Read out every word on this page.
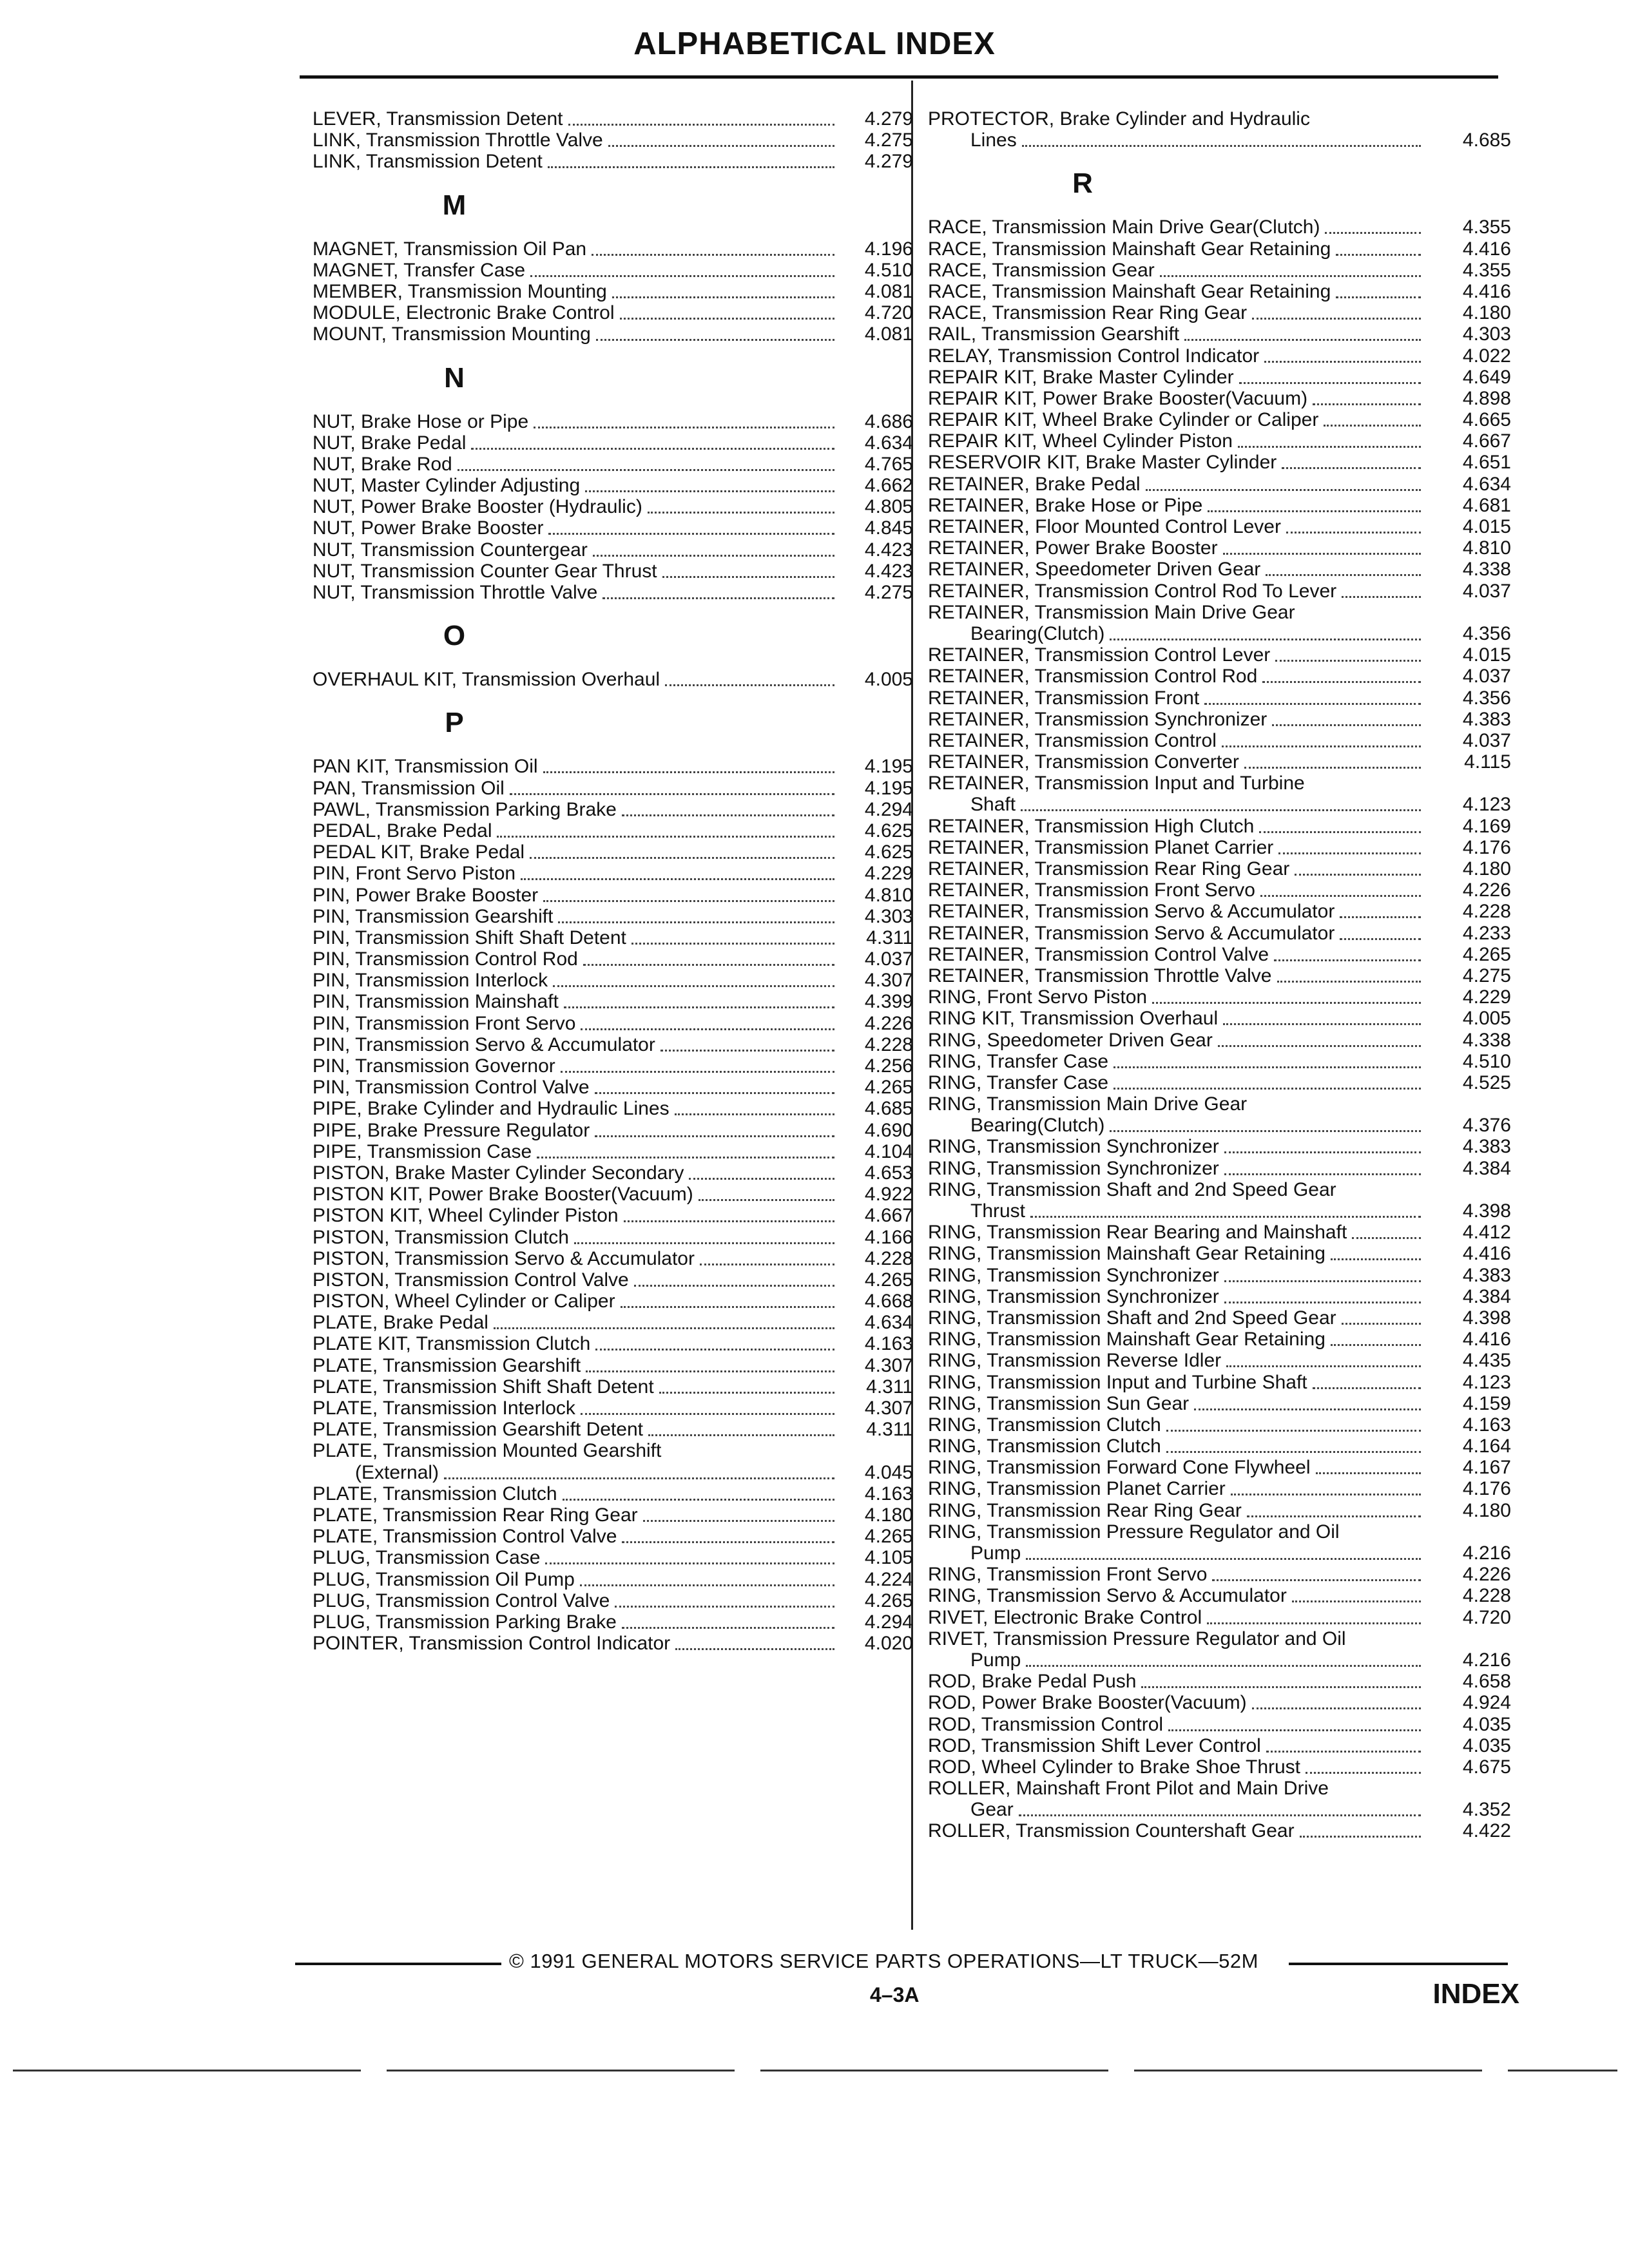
ALPHABETICAL INDEX
LEVER, Transmission Detent	4.279
LINK, Transmission Throttle Valve	4.275
LINK, Transmission Detent	4.279
M
MAGNET, Transmission Oil Pan	4.196
MAGNET, Transfer Case	4.510
MEMBER, Transmission Mounting	4.081
MODULE, Electronic Brake Control	4.720
MOUNT, Transmission Mounting	4.081
N
NUT, Brake Hose or Pipe	4.686
NUT, Brake Pedal	4.634
NUT, Brake Rod	4.765
NUT, Master Cylinder Adjusting	4.662
NUT, Power Brake Booster (Hydraulic)	4.805
NUT, Power Brake Booster	4.845
NUT, Transmission Countergear	4.423
NUT, Transmission Counter Gear Thrust	4.423
NUT, Transmission Throttle Valve	4.275
O
OVERHAUL KIT, Transmission Overhaul	4.005
P
PAN KIT, Transmission Oil	4.195
PAN, Transmission Oil	4.195
PAWL, Transmission Parking Brake	4.294
PEDAL, Brake Pedal	4.625
PEDAL KIT, Brake Pedal	4.625
PIN, Front Servo Piston	4.229
PIN, Power Brake Booster	4.810
PIN, Transmission Gearshift	4.303
PIN, Transmission Shift Shaft Detent	4.311
PIN, Transmission Control Rod	4.037
PIN, Transmission Interlock	4.307
PIN, Transmission Mainshaft	4.399
PIN, Transmission Front Servo	4.226
PIN, Transmission Servo & Accumulator	4.228
PIN, Transmission Governor	4.256
PIN, Transmission Control Valve	4.265
PIPE, Brake Cylinder and Hydraulic Lines	4.685
PIPE, Brake Pressure Regulator	4.690
PIPE, Transmission Case	4.104
PISTON, Brake Master Cylinder Secondary	4.653
PISTON KIT, Power Brake Booster(Vacuum)	4.922
PISTON KIT, Wheel Cylinder Piston	4.667
PISTON, Transmission Clutch	4.166
PISTON, Transmission Servo & Accumulator	4.228
PISTON, Transmission Control Valve	4.265
PISTON, Wheel Cylinder or Caliper	4.668
PLATE, Brake Pedal	4.634
PLATE KIT, Transmission Clutch	4.163
PLATE, Transmission Gearshift	4.307
PLATE, Transmission Shift Shaft Detent	4.311
PLATE, Transmission Interlock	4.307
PLATE, Transmission Gearshift Detent	4.311
PLATE, Transmission Mounted Gearshift
(External)	4.045
PLATE, Transmission Clutch	4.163
PLATE, Transmission Rear Ring Gear	4.180
PLATE, Transmission Control Valve	4.265
PLUG, Transmission Case	4.105
PLUG, Transmission Oil Pump	4.224
PLUG, Transmission Control Valve	4.265
PLUG, Transmission Parking Brake	4.294
POINTER, Transmission Control Indicator	4.020
PROTECTOR, Brake Cylinder and Hydraulic
Lines	4.685
R
RACE, Transmission Main Drive Gear(Clutch)	4.355
RACE, Transmission Mainshaft Gear Retaining	4.416
RACE, Transmission Gear	4.355
RACE, Transmission Mainshaft Gear Retaining	4.416
RACE, Transmission Rear Ring Gear	4.180
RAIL, Transmission Gearshift	4.303
RELAY, Transmission Control Indicator	4.022
REPAIR KIT, Brake Master Cylinder	4.649
REPAIR KIT, Power Brake Booster(Vacuum)	4.898
REPAIR KIT, Wheel Brake Cylinder or Caliper	4.665
REPAIR KIT, Wheel Cylinder Piston	4.667
RESERVOIR KIT, Brake Master Cylinder	4.651
RETAINER, Brake Pedal	4.634
RETAINER, Brake Hose or Pipe	4.681
RETAINER, Floor Mounted Control Lever	4.015
RETAINER, Power Brake Booster	4.810
RETAINER, Speedometer Driven Gear	4.338
RETAINER, Transmission Control Rod To Lever	4.037
RETAINER, Transmission Main Drive Gear
Bearing(Clutch)	4.356
RETAINER, Transmission Control Lever	4.015
RETAINER, Transmission Control Rod	4.037
RETAINER, Transmission Front	4.356
RETAINER, Transmission Synchronizer	4.383
RETAINER, Transmission Control	4.037
RETAINER, Transmission Converter	4.115
RETAINER, Transmission Input and Turbine
Shaft	4.123
RETAINER, Transmission High Clutch	4.169
RETAINER, Transmission Planet Carrier	4.176
RETAINER, Transmission Rear Ring Gear	4.180
RETAINER, Transmission Front Servo	4.226
RETAINER, Transmission Servo & Accumulator	4.228
RETAINER, Transmission Servo & Accumulator	4.233
RETAINER, Transmission Control Valve	4.265
RETAINER, Transmission Throttle Valve	4.275
RING, Front Servo Piston	4.229
RING KIT, Transmission Overhaul	4.005
RING, Speedometer Driven Gear	4.338
RING, Transfer Case	4.510
RING, Transfer Case	4.525
RING, Transmission Main Drive Gear
Bearing(Clutch)	4.376
RING, Transmission Synchronizer	4.383
RING, Transmission Synchronizer	4.384
RING, Transmission Shaft and 2nd Speed Gear
Thrust	4.398
RING, Transmission Rear Bearing and Mainshaft	4.412
RING, Transmission Mainshaft Gear Retaining	4.416
RING, Transmission Synchronizer	4.383
RING, Transmission Synchronizer	4.384
RING, Transmission Shaft and 2nd Speed Gear	4.398
RING, Transmission Mainshaft Gear Retaining	4.416
RING, Transmission Reverse Idler	4.435
RING, Transmission Input and Turbine Shaft	4.123
RING, Transmission Sun Gear	4.159
RING, Transmission Clutch	4.163
RING, Transmission Clutch	4.164
RING, Transmission Forward Cone Flywheel	4.167
RING, Transmission Planet Carrier	4.176
RING, Transmission Rear Ring Gear	4.180
RING, Transmission Pressure Regulator and Oil
Pump	4.216
RING, Transmission Front Servo	4.226
RING, Transmission Servo & Accumulator	4.228
RIVET, Electronic Brake Control	4.720
RIVET, Transmission Pressure Regulator and Oil
Pump	4.216
ROD, Brake Pedal Push	4.658
ROD, Power Brake Booster(Vacuum)	4.924
ROD, Transmission Control	4.035
ROD, Transmission Shift Lever Control	4.035
ROD, Wheel Cylinder to Brake Shoe Thrust	4.675
ROLLER, Mainshaft Front Pilot and Main Drive
Gear	4.352
ROLLER, Transmission Countershaft Gear	4.422
© 1991 GENERAL MOTORS SERVICE PARTS OPERATIONS—LT TRUCK—52M
4–3A	INDEX
